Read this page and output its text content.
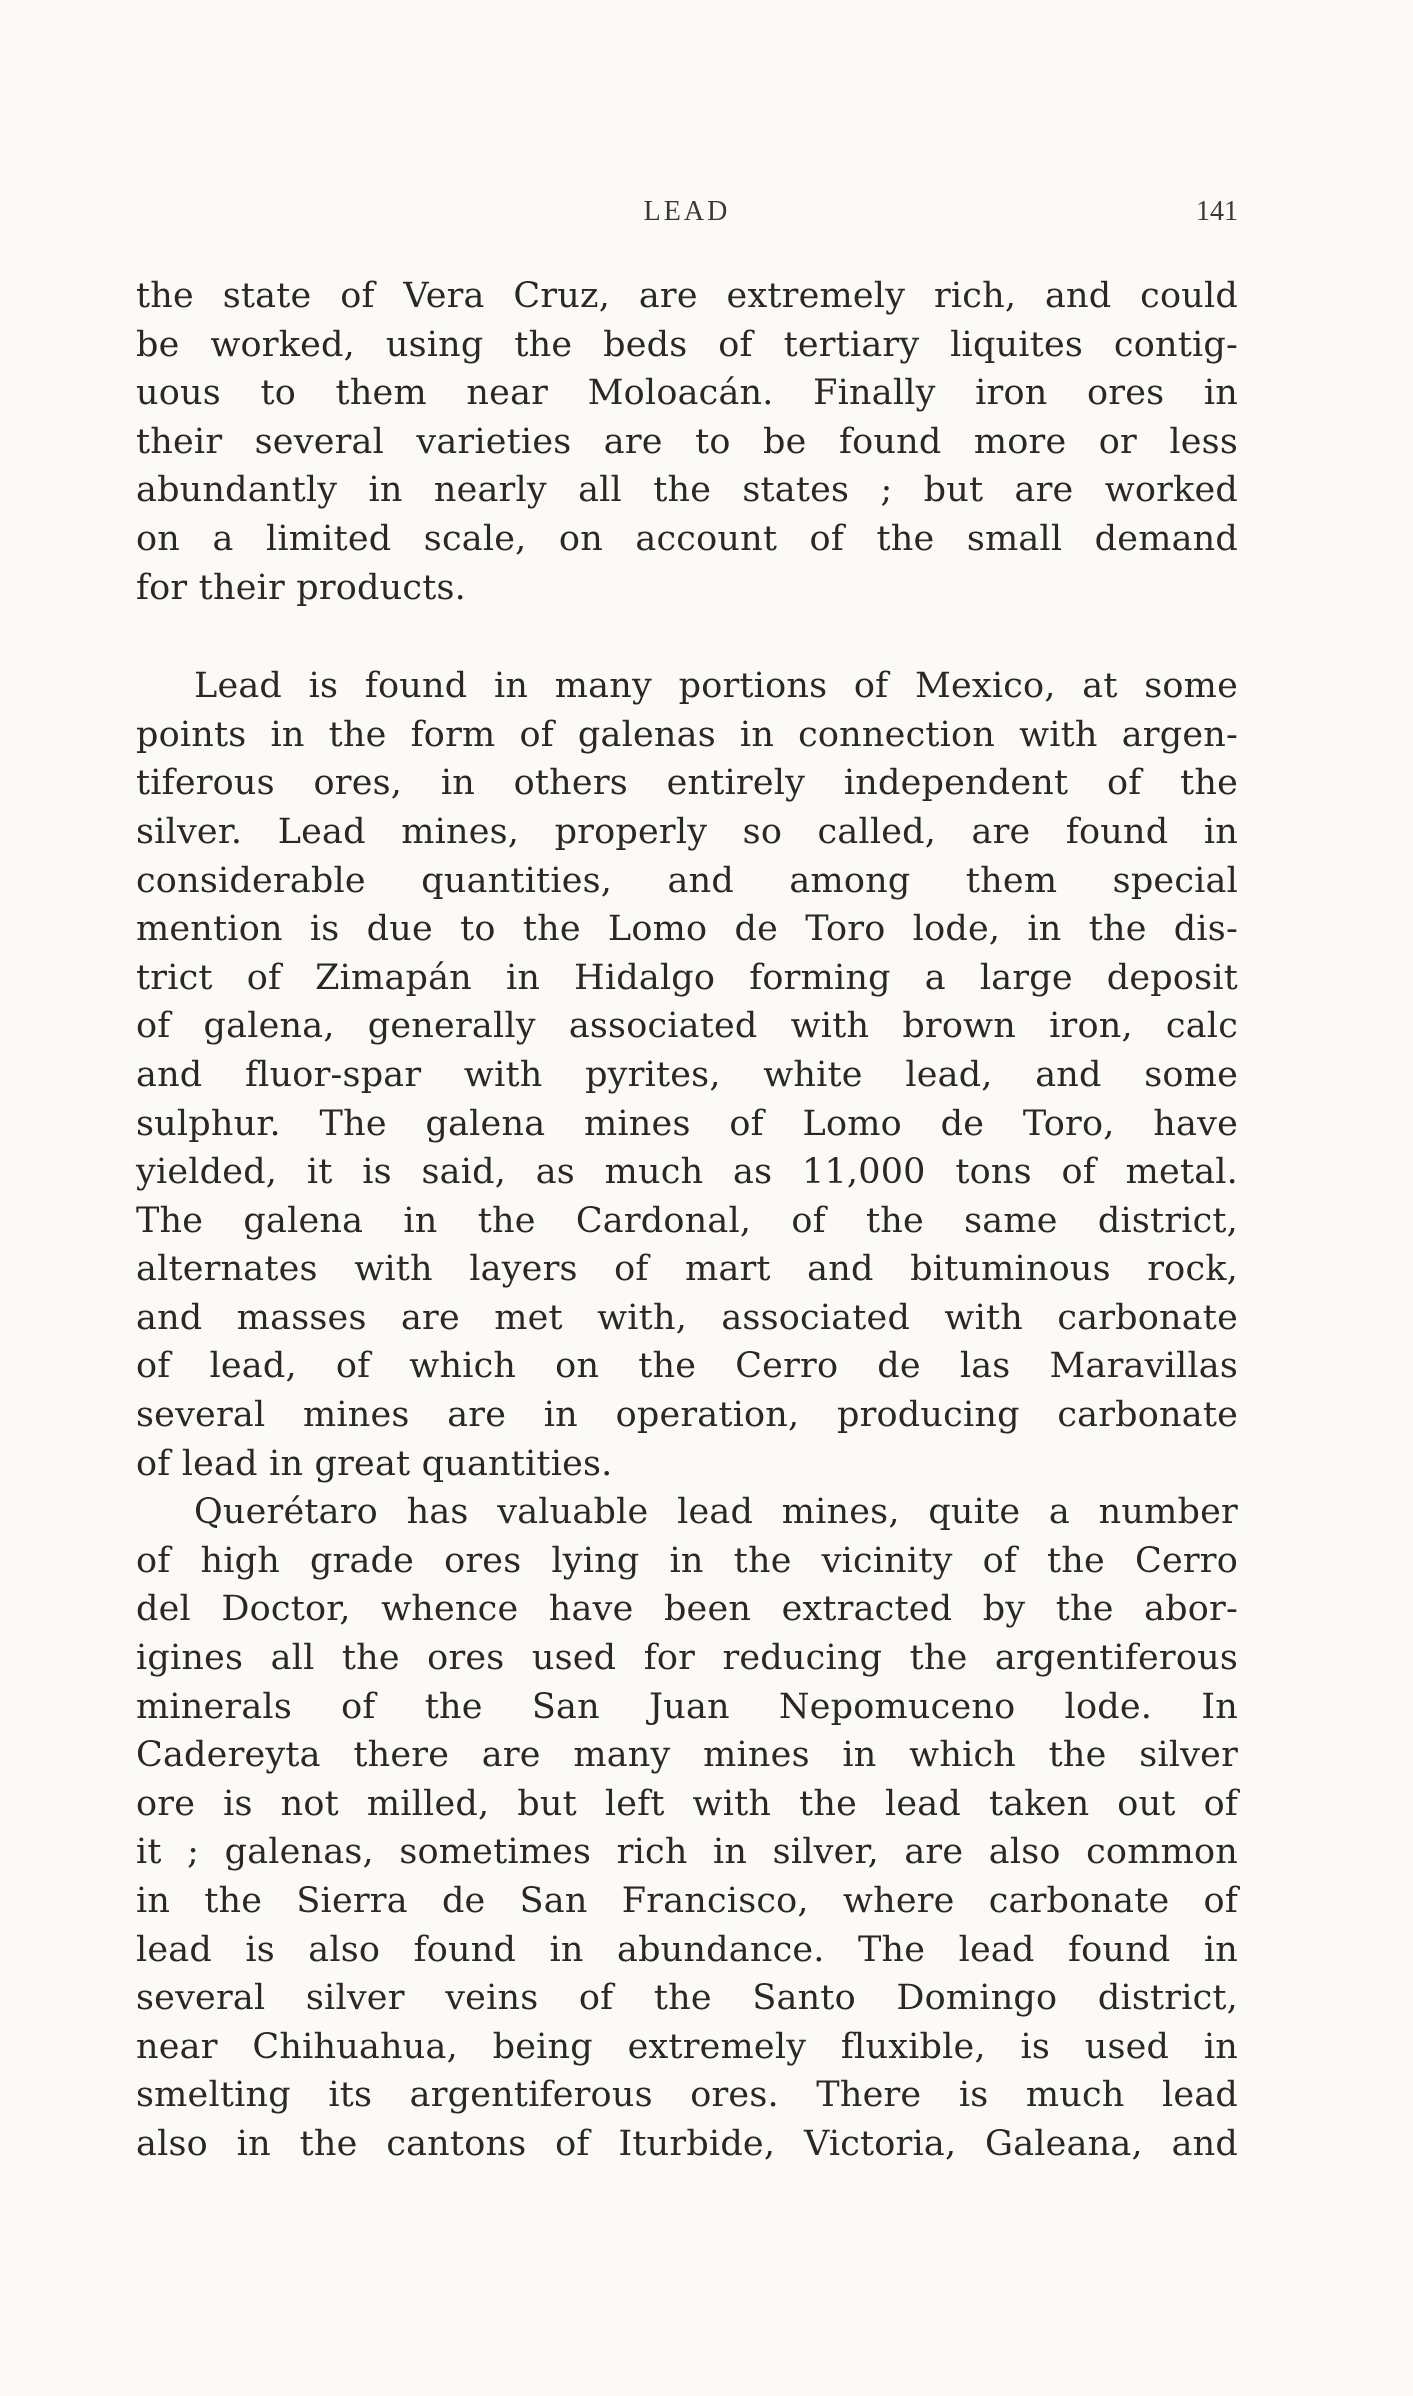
LEAD	141
the state of Vera Cruz, are extremely rich, and could
be worked, using the beds of tertiary liquites contig-
uous to them near Moloacán. Finally iron ores in
their several varieties are to be found more or less
abundantly in nearly all the states ; but are worked
on a limited scale, on account of the small demand
for their products.
Lead is found in many portions of Mexico, at some
points in the form of galenas in connection with argen-
tiferous ores, in others entirely independent of the
silver. Lead mines, properly so called, are found in
considerable quantities, and among them special
mention is due to the Lomo de Toro lode, in the dis-
trict of Zimapán in Hidalgo forming a large deposit
of galena, generally associated with brown iron, calc
and fluor-spar with pyrites, white lead, and some
sulphur. The galena mines of Lomo de Toro, have
yielded, it is said, as much as 11,000 tons of metal.
The galena in the Cardonal, of the same district,
alternates with layers of mart and bituminous rock,
and masses are met with, associated with carbonate
of lead, of which on the Cerro de las Maravillas
several mines are in operation, producing carbonate
of lead in great quantities.
Querétaro has valuable lead mines, quite a number
of high grade ores lying in the vicinity of the Cerro
del Doctor, whence have been extracted by the abor-
igines all the ores used for reducing the argentiferous
minerals of the San Juan Nepomuceno lode. In
Cadereyta there are many mines in which the silver
ore is not milled, but left with the lead taken out of
it ; galenas, sometimes rich in silver, are also common
in the Sierra de San Francisco, where carbonate of
lead is also found in abundance. The lead found in
several silver veins of the Santo Domingo district,
near Chihuahua, being extremely fluxible, is used in
smelting its argentiferous ores. There is much lead
also in the cantons of Iturbide, Victoria, Galeana, and
